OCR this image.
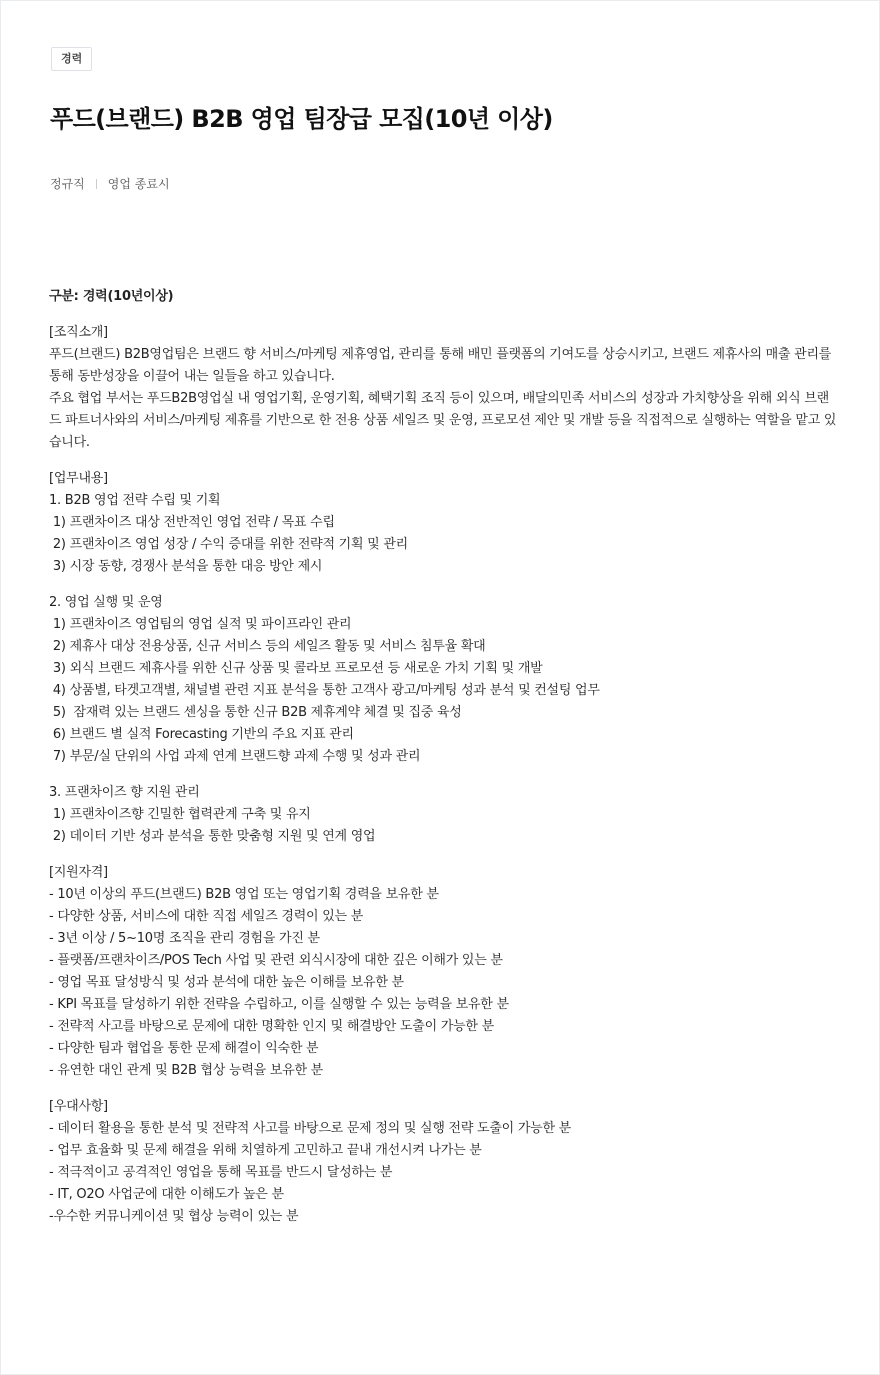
경력
푸드(브랜드) B2B 영업 팀장급 모집(10년 이상)
정규직 영업 종료시
구분: 경력(10년이상)
[조직소개]
푸드(브랜드) B2B영업팀은 브랜드 향 서비스/마케팅 제휴영업, 관리를 통해 배민 플랫폼의 기여도를 상승시키고, 브랜드 제휴사의 매출 관리를 통해 동반성장을 이끌어 내는 일들을 하고 있습니다.
주요 협업 부서는 푸드B2B영업실 내 영업기획, 운영기획, 혜택기획 조직 등이 있으며, 배달의민족 서비스의 성장과 가치향상을 위해 외식 브랜드 파트너사와의 서비스/마케팅 제휴를 기반으로 한 전용 상품 세일즈 및 운영, 프로모션 제안 및 개발 등을 직접적으로 실행하는 역할을 맡고 있습니다.
[업무내용]
1. B2B 영업 전략 수립 및 기획
1) 프랜차이즈 대상 전반적인 영업 전략 / 목표 수립
2) 프랜차이즈 영업 성장 / 수익 증대를 위한 전략적 기획 및 관리
3) 시장 동향, 경쟁사 분석을 통한 대응 방안 제시
2. 영업 실행 및 운영
1) 프랜차이즈 영업팀의 영업 실적 및 파이프라인 관리
2) 제휴사 대상 전용상품, 신규 서비스 등의 세일즈 활동 및 서비스 침투율 확대
3) 외식 브랜드 제휴사를 위한 신규 상품 및 콜라보 프로모션 등 새로운 가치 기획 및 개발
4) 상품별, 타겟고객별, 채널별 관련 지표 분석을 통한 고객사 광고/마케팅 성과 분석 및 컨설팅 업무
5)  잠재력 있는 브랜드 센싱을 통한 신규 B2B 제휴계약 체결 및 집중 육성
6) 브랜드 별 실적 Forecasting 기반의 주요 지표 관리
7) 부문/실 단위의 사업 과제 연계 브랜드향 과제 수행 및 성과 관리
3. 프랜차이즈 향 지원 관리
1) 프랜차이즈향 긴밀한 협력관계 구축 및 유지
2) 데이터 기반 성과 분석을 통한 맞춤형 지원 및 연계 영업
[지원자격]
- 10년 이상의 푸드(브랜드) B2B 영업 또는 영업기획 경력을 보유한 분
- 다양한 상품, 서비스에 대한 직접 세일즈 경력이 있는 분
- 3년 이상 / 5~10명 조직을 관리 경험을 가진 분
- 플랫폼/프랜차이즈/POS Tech 사업 및 관련 외식시장에 대한 깊은 이해가 있는 분
- 영업 목표 달성방식 및 성과 분석에 대한 높은 이해를 보유한 분
- KPI 목표를 달성하기 위한 전략을 수립하고, 이를 실행할 수 있는 능력을 보유한 분
- 전략적 사고를 바탕으로 문제에 대한 명확한 인지 및 해결방안 도출이 가능한 분
- 다양한 팀과 협업을 통한 문제 해결이 익숙한 분
- 유연한 대인 관계 및 B2B 협상 능력을 보유한 분
[우대사항]
- 데이터 활용을 통한 분석 및 전략적 사고를 바탕으로 문제 정의 및 실행 전략 도출이 가능한 분
- 업무 효율화 및 문제 해결을 위해 치열하게 고민하고 끝내 개선시켜 나가는 분
- 적극적이고 공격적인 영업을 통해 목표를 반드시 달성하는 분
- IT, O2O 사업군에 대한 이해도가 높은 분
-우수한 커뮤니케이션 및 협상 능력이 있는 분
